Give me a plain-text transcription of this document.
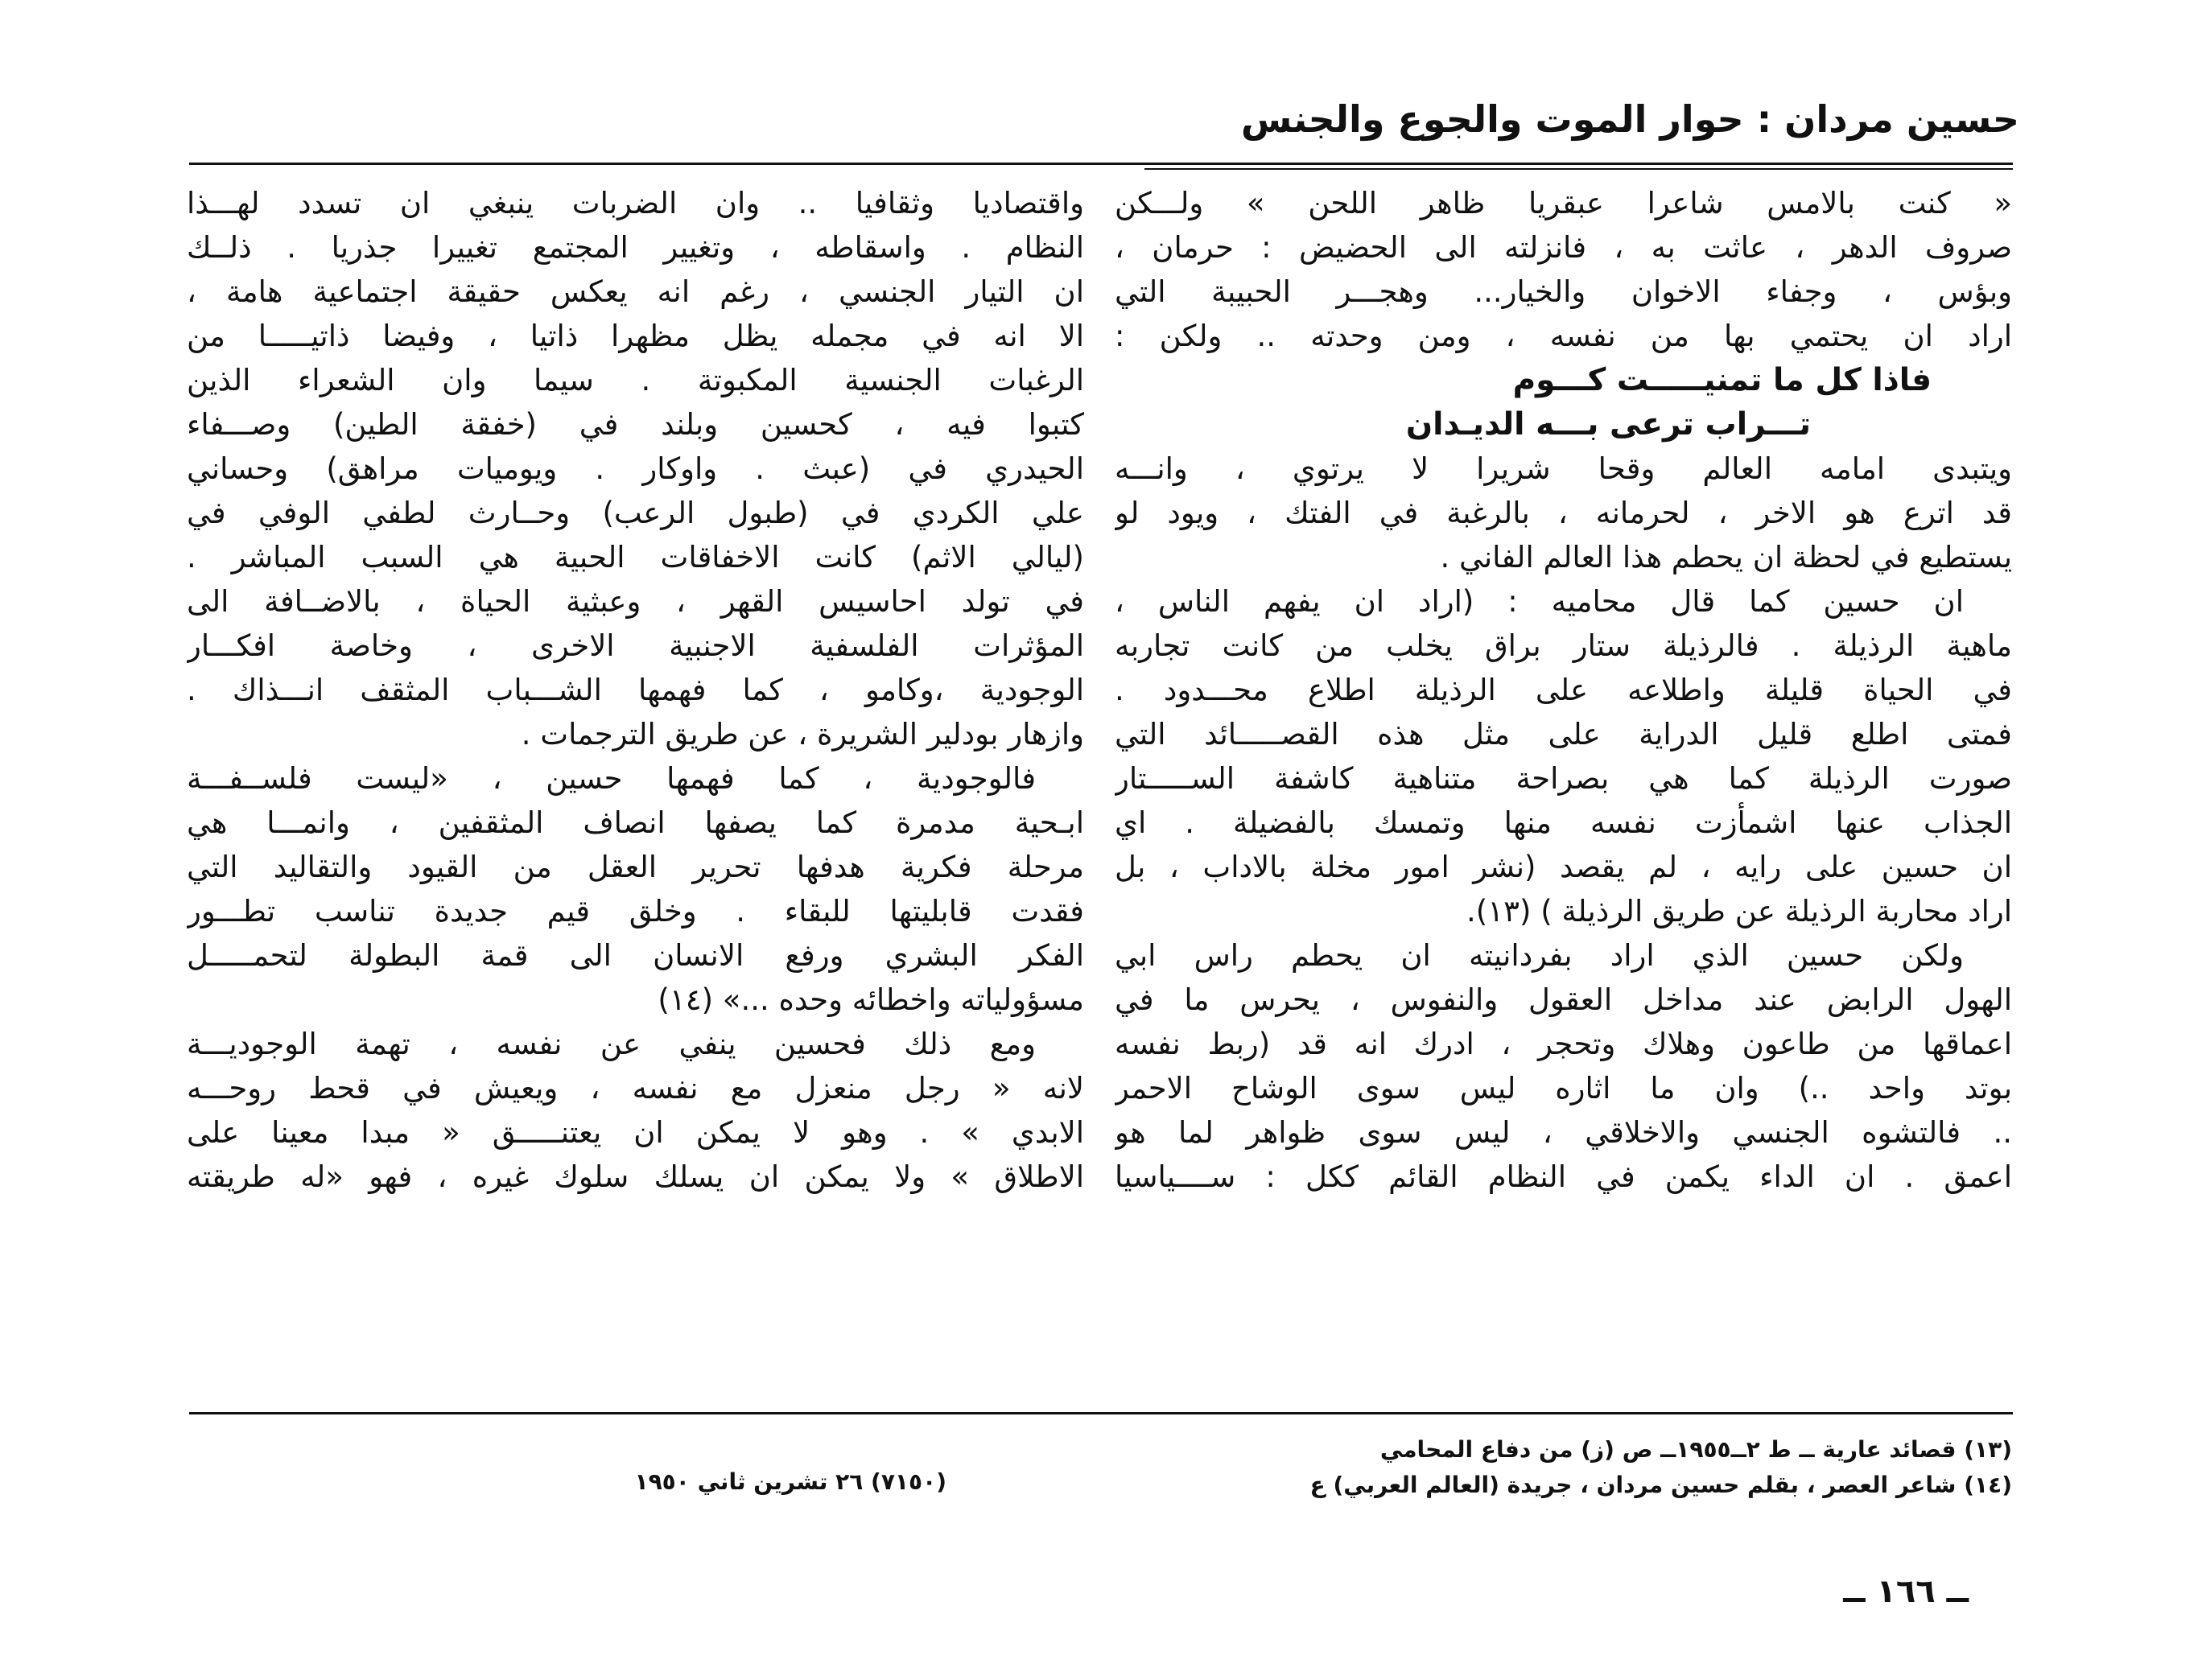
حسين مردان : حوار الموت والجوع والجنس
« كنت بالامس شاعرا عبقريا ظاهر اللحن » ولـــكن
صروف الدهر ، عاثت به ، فانزلته الى الحضيض : حرمان ،
وبؤس ، وجفاء الاخوان والخيار... وهجـــر الحبيبة التي
اراد ان يحتمي بها من نفسه ، ومن وحدته .. ولكن :
فاذا كل ما تمنيـــــت كـــوم
تـــراب ترعى بـــه الديـدان
ويتبدى امامه العالم وقحا شريرا لا يرتوي ، وانـــه
قد اترع هو الاخر ، لحرمانه ، بالرغبة في الفتك ، ويود لو
يستطيع في لحظة ان يحطم هذا العالم الفاني .
ان حسين كما قال محاميه : (اراد ان يفهم الناس ،
ماهية الرذيلة . فالرذيلة ستار براق يخلب من كانت تجاربه
في الحياة قليلة واطلاعه على الرذيلة اطلاع محـــدود .
فمتى اطلع قليل الدراية على مثل هذه القصـــــائد التي
صورت الرذيلة كما هي بصراحة متناهية كاشفة الســـــتار
الجذاب عنها اشمأزت نفسه منها وتمسك بالفضيلة . اي
ان حسين على رايه ، لم يقصد (نشر امور مخلة بالاداب ، بل
اراد محاربة الرذيلة عن طريق الرذيلة ) (١٣).
ولكن حسين الذي اراد بفردانيته ان يحطم راس ابي
الهول الرابض عند مداخل العقول والنفوس ، يحرس ما في
اعماقها من طاعون وهلاك وتحجر ، ادرك انه قد (ربط نفسه
بوتد واحد ..) وان ما اثاره ليس سوى الوشاح الاحمر
.. فالتشوه الجنسي والاخلاقي ، ليس سوى ظواهر لما هو
اعمق . ان الداء يكمن في النظام القائم ككل : ســــياسيا
واقتصاديا وثقافيا .. وان الضربات ينبغي ان تسدد لهـــذا
النظام . واسقاطه ، وتغيير المجتمع تغييرا جذريا . ذلــك
ان التيار الجنسي ، رغم انه يعكس حقيقة اجتماعية هامة ،
الا انه في مجمله يظل مظهرا ذاتيا ، وفيضا ذاتيـــــا من
الرغبات الجنسية المكبوتة . سيما وان الشعراء الذين
كتبوا فيه ، كحسين وبلند في (خفقة الطين) وصـــفاء
الحيدري في (عبث . واوكار . ويوميات مراهق) وحساني
علي الكردي في (طبول الرعب) وحــارث لطفي الوفي في
(ليالي الاثم) كانت الاخفاقات الحبية هي السبب المباشر .
في تولد احاسيس القهر ، وعبثية الحياة ، بالاضــافة الى
المؤثرات الفلسفية الاجنبية الاخرى ، وخاصة افكـــار
الوجودية ،وكامو ، كما فهمها الشـــباب المثقف انـــذاك .
وازهار بودلير الشريرة ، عن طريق الترجمات .
فالوجودية ، كما فهمها حسين ، «ليست فلســفـــة
ابـحية مدمرة كما يصفها انصاف المثقفين ، وانمـــا هي
مرحلة فكرية هدفها تحرير العقل من القيود والتقاليد التي
فقدت قابليتها للبقاء . وخلق قيم جديدة تناسب تطـــور
الفكر البشري ورفع الانسان الى قمة البطولة لتحمـــــل
مسؤولياته واخطائه وحده ...» (١٤)
ومع ذلك فحسين ينفي عن نفسه ، تهمة الوجوديـــة
لانه « رجل منعزل مع نفسه ، ويعيش في قحط روحـــه
الابدي » . وهو لا يمكن ان يعتنـــــق « مبدا معينا على
الاطلاق » ولا يمكن ان يسلك سلوك غيره ، فهو «له طريقته
(١٣) قصائد عارية ــ ط ٢ــ١٩٥٥ــ ص (ز) من دفاع المحامي
(١٤) شاعر العصر ، بقلم حسين مردان ، جريدة (العالم العربي) ع
(٧١٥٠) ٢٦ تشرين ثاني ١٩٥٠
ــ ١٦٦ ــ
